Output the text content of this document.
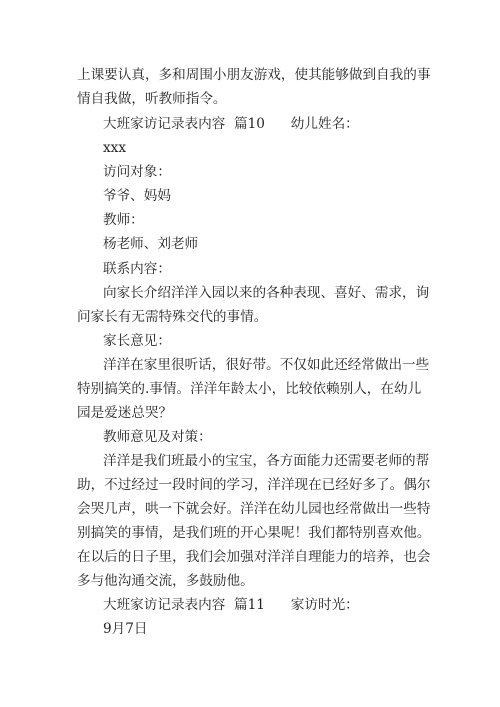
上课要认真，多和周围小朋友游戏，使其能够做到自我的事
情自我做，听教师指令。
大班家访记录表内容  篇10      幼儿姓名：
xxx
访问对象：
爷爷、妈妈
教师：
杨老师、刘老师
联系内容：
向家长介绍洋洋入园以来的各种表现、喜好、需求，询
问家长有无需特殊交代的事情。
家长意见：
洋洋在家里很听话，很好带。不仅如此还经常做出一些
特别搞笑的.事情。洋洋年龄太小，比较依赖别人，在幼儿
园是爱迷总哭？
教师意见及对策：
洋洋是我们班最小的宝宝，各方面能力还需要老师的帮
助，不过经过一段时间的学习，洋洋现在已经好多了。偶尔
会哭几声，哄一下就会好。洋洋在幼儿园也经常做出一些特
别搞笑的事情，是我们班的开心果呢！我们都特别喜欢他。
在以后的日子里，我们会加强对洋洋自理能力的培养，也会
多与他沟通交流，多鼓励他。
大班家访记录表内容  篇11      家访时光：
9月7日
